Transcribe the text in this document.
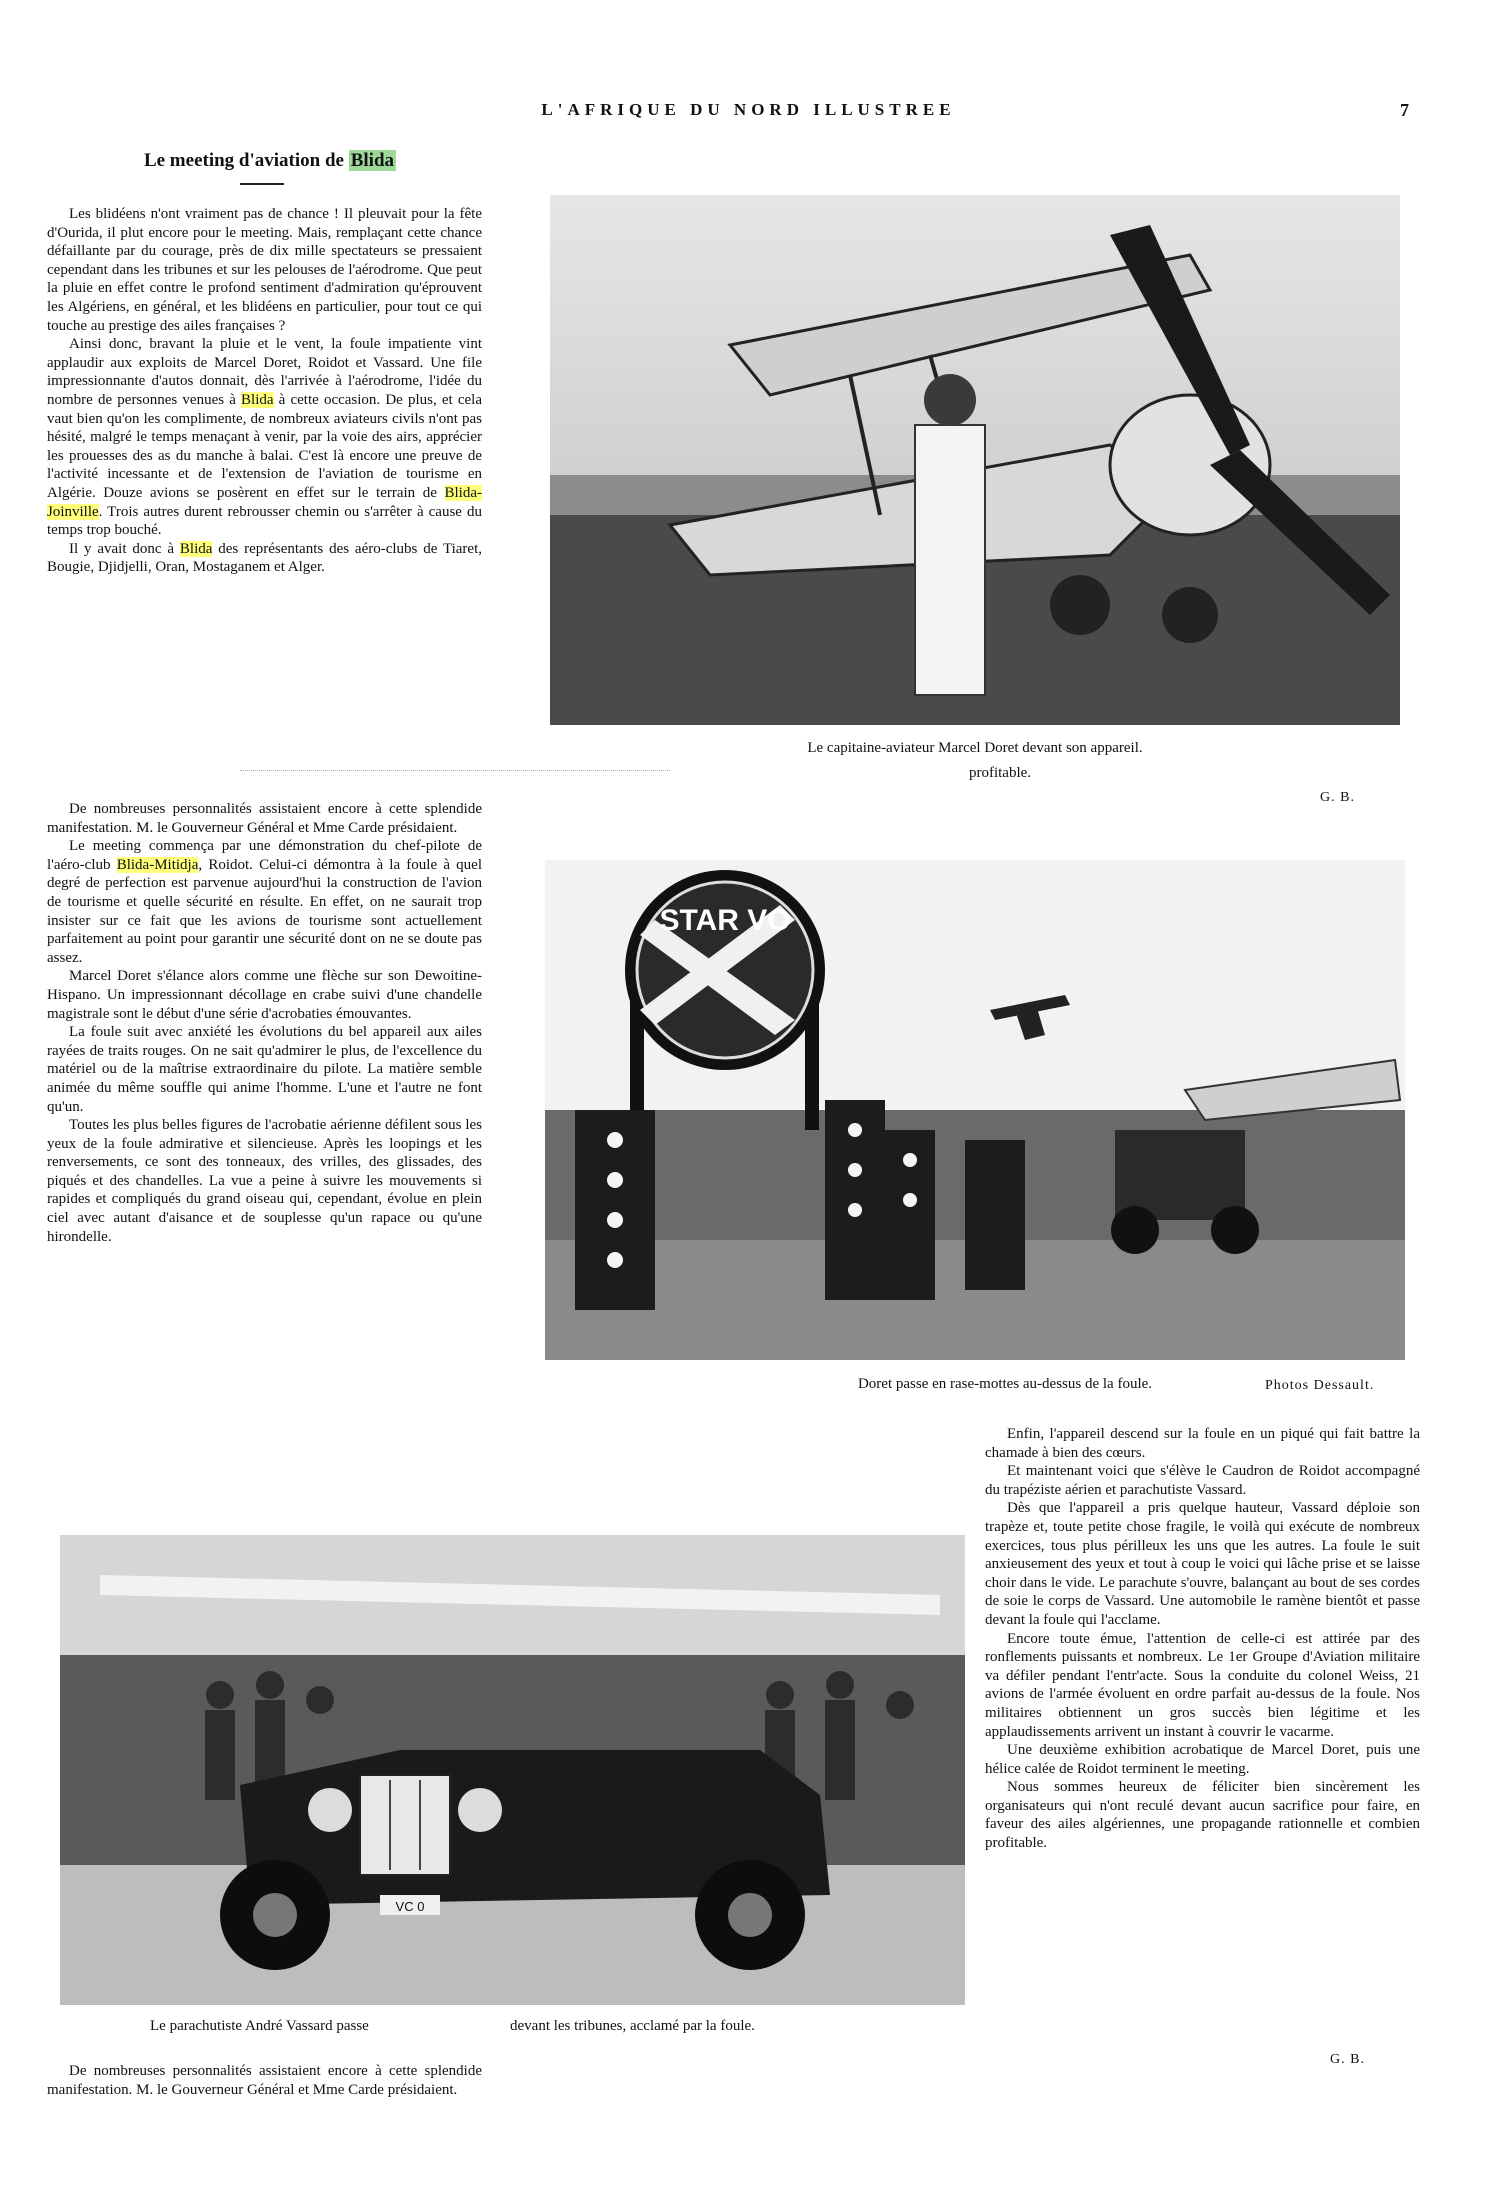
L'AFRIQUE DU NORD ILLUSTREE	7
Le meeting d'aviation de Blida

Les blidéens n'ont vraiment pas de chance ! Il pleuvait pour la fête d'Ourida, il plut encore pour le meeting. Mais, remplaçant cette chance défaillante par du courage, près de dix mille spectateurs se pressaient cependant dans les tribunes et sur les pelouses de l'aérodrome. Que peut la pluie en effet contre le profond sentiment d'admiration qu'éprouvent les Algériens, en général, et les blidéens en particulier, pour tout ce qui touche au prestige des ailes françaises ?

Ainsi donc, bravant la pluie et le vent, la foule impatiente vint applaudir aux exploits de Marcel Doret, Roidot et Vassard. Une file impressionnante d'autos donnait, dès l'arrivée à l'aérodrome, l'idée du nombre de personnes venues à Blida à cette occasion. De plus, et cela vaut bien qu'on les complimente, de nombreux aviateurs civils n'ont pas hésité, malgré le temps menaçant à venir, par la voie des airs, apprécier les prouesses des as du manche à balai. C'est là encore une preuve de l'activité incessante et de l'extension de l'aviation de tourisme en Algérie. Douze avions se posèrent en effet sur le terrain de Blida-Joinville. Trois autres durent rebrousser chemin ou s'arrêter à cause du temps trop bouché.

Il y avait donc à Blida des représentants des aéro-clubs de Tiaret, Bougie, Djidjelli, Oran, Mostaganem et Alger.

Le capitaine-aviateur Marcel Doret devant son appareil.
profitable.
G. B.

De nombreuses personnalités assistaient encore à cette splendide manifestation. M. le Gouverneur Général et Mme Carde présidaient.

Le meeting commença par une démonstration du chef-pilote de l'aéro-club Blida-Mitidja, Roidot. Celui-ci démontra à la foule à quel degré de perfection est parvenue aujourd'hui la construction de l'avion de tourisme et quelle sécurité en résulte. En effet, on ne saurait trop insister sur ce fait que les avions de tourisme sont actuellement parfaitement au point pour garantir une sécurité dont on ne se doute pas assez.

Marcel Doret s'élance alors comme une flèche sur son Dewoitine-Hispano. Un impressionnant décollage en crabe suivi d'une chandelle magistrale sont le début d'une série d'acrobaties émouvantes.

La foule suit avec anxiété les évolutions du bel appareil aux ailes rayées de traits rouges. On ne sait qu'admirer le plus, de l'excellence du matériel ou de la maîtrise extraordinaire du pilote. La matière semble animée du même souffle qui anime l'homme. L'une et l'autre ne font qu'un.

Toutes les plus belles figures de l'acrobatie aérienne défilent sous les yeux de la foule admirative et silencieuse. Après les loopings et les renversements, ce sont des tonneaux, des vrilles, des glissades, des piqués et des chandelles. La vue a peine à suivre les mouvements si rapides et compliqués du grand oiseau qui, cependant, évolue en plein ciel avec autant d'aisance et de souplesse qu'un rapace ou qu'une hirondelle.

STAR VO
Doret passe en rase-mottes au-dessus de la foule.	Photos Dessault.
VC 0
Le parachutiste André Vassard passe	devant les tribunes, acclamé par la foule.

Enfin, l'appareil descend sur la foule en un piqué qui fait battre la chamade à bien des cœurs.

Et maintenant voici que s'élève le Caudron de Roidot accompagné du trapéziste aérien et parachutiste Vassard.

Dès que l'appareil a pris quelque hauteur, Vassard déploie son trapèze et, toute petite chose fragile, le voilà qui exécute de nombreux exercices, tous plus périlleux les uns que les autres. La foule le suit anxieusement des yeux et tout à coup le voici qui lâche prise et se laisse choir dans le vide. Le parachute s'ouvre, balançant au bout de ses cordes de soie le corps de Vassard. Une automobile le ramène bientôt et passe devant la foule qui l'acclame.

Encore toute émue, l'attention de celle-ci est attirée par des ronflements puissants et nombreux. Le 1er Groupe d'Aviation militaire va défiler pendant l'entr'acte. Sous la conduite du colonel Weiss, 21 avions de l'armée évoluent en ordre parfait au-dessus de la foule. Nos militaires obtiennent un gros succès bien légitime et les applaudissements arrivent un instant à couvrir le vacarme.

Une deuxième exhibition acrobatique de Marcel Doret, puis une hélice calée de Roidot terminent le meeting.

Nous sommes heureux de féliciter bien sincèrement les organisateurs qui n'ont reculé devant aucun sacrifice pour faire, en faveur des ailes algériennes, une propagande rationnelle et combien profitable.

G. B.

De nombreuses personnalités assistaient encore à cette splendide manifestation. M. le Gouverneur Général et Mme Carde présidaient.
